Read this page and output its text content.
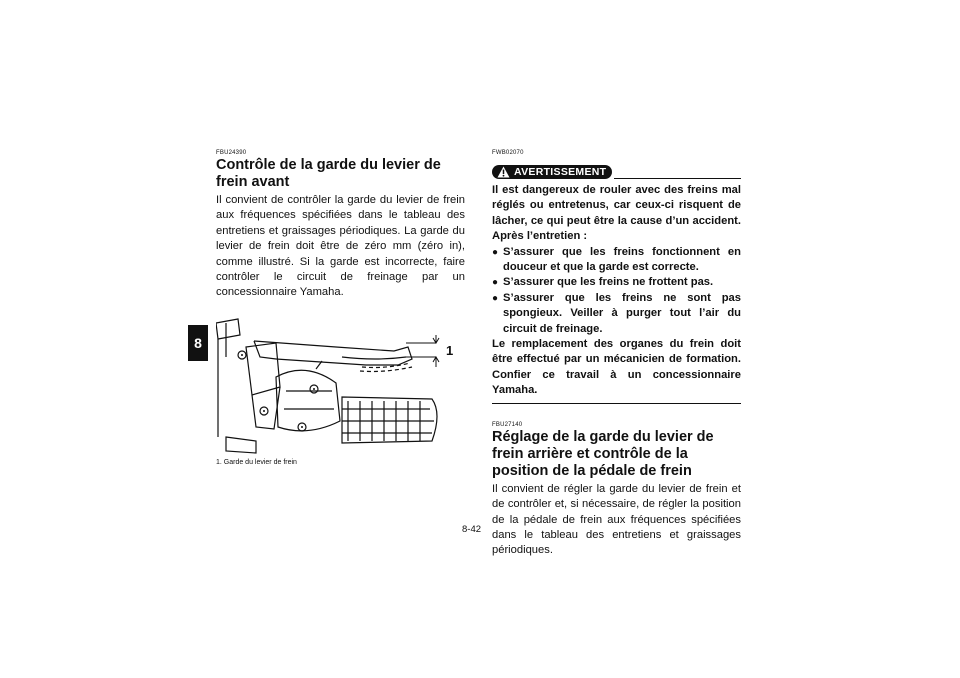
8
FBU24390
Contrôle de la garde du levier de frein avant

Il convient de contrôler la garde du levier de frein aux fréquences spécifiées dans le tableau des entretiens et graissages périodiques. La garde du levier de frein doit être de zéro mm (zéro in), comme illustré. Si la garde est incorrecte, faire contrôler le circuit de freinage par un concessionnaire Yamaha.

1
1. Garde du levier de frein
FWB02070
AVERTISSEMENT

Il est dangereux de rouler avec des freins mal réglés ou entretenus, car ceux-ci risquent de lâcher, ce qui peut être la cause d’un accident. Après l’entretien :

● S’assurer que les freins fonctionnent en douceur et que la garde est correcte.
● S’assurer que les freins ne frottent pas.
● S’assurer que les freins ne sont pas spongieux. Veiller à purger tout l’air du circuit de freinage.

Le remplacement des organes du frein doit être effectué par un mécanicien de formation. Confier ce travail à un concessionnaire Yamaha.

FBU27140
Réglage de la garde du levier de frein arrière et contrôle de la position de la pédale de frein

Il convient de régler la garde du levier de frein et de contrôler et, si nécessaire, de régler la position de la pédale de frein aux fréquences spécifiées dans le tableau des entretiens et graissages périodiques.

8-42
